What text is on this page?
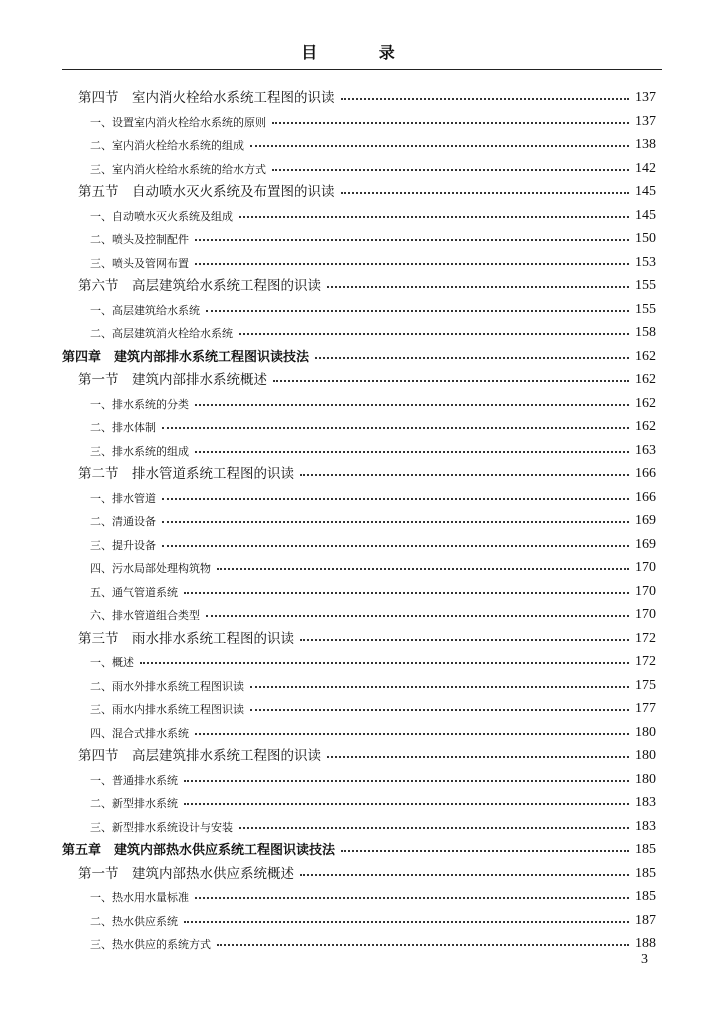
目 录
第四节　室内消火栓给水系统工程图的识读	137
一、设置室内消火栓给水系统的原则	137
二、室内消火栓给水系统的组成	138
三、室内消火栓给水系统的给水方式	142
第五节　自动喷水灭火系统及布置图的识读	145
一、自动喷水灭火系统及组成	145
二、喷头及控制配件	150
三、喷头及管网布置	153
第六节　高层建筑给水系统工程图的识读	155
一、高层建筑给水系统	155
二、高层建筑消火栓给水系统	158
第四章　建筑内部排水系统工程图识读技法	162
第一节　建筑内部排水系统概述	162
一、排水系统的分类	162
二、排水体制	162
三、排水系统的组成	163
第二节　排水管道系统工程图的识读	166
一、排水管道	166
二、清通设备	169
三、提升设备	169
四、污水局部处理构筑物	170
五、通气管道系统	170
六、排水管道组合类型	170
第三节　雨水排水系统工程图的识读	172
一、概述	172
二、雨水外排水系统工程图识读	175
三、雨水内排水系统工程图识读	177
四、混合式排水系统	180
第四节　高层建筑排水系统工程图的识读	180
一、普通排水系统	180
二、新型排水系统	183
三、新型排水系统设计与安装	183
第五章　建筑内部热水供应系统工程图识读技法	185
第一节　建筑内部热水供应系统概述	185
一、热水用水量标准	185
二、热水供应系统	187
三、热水供应的系统方式	188
3
